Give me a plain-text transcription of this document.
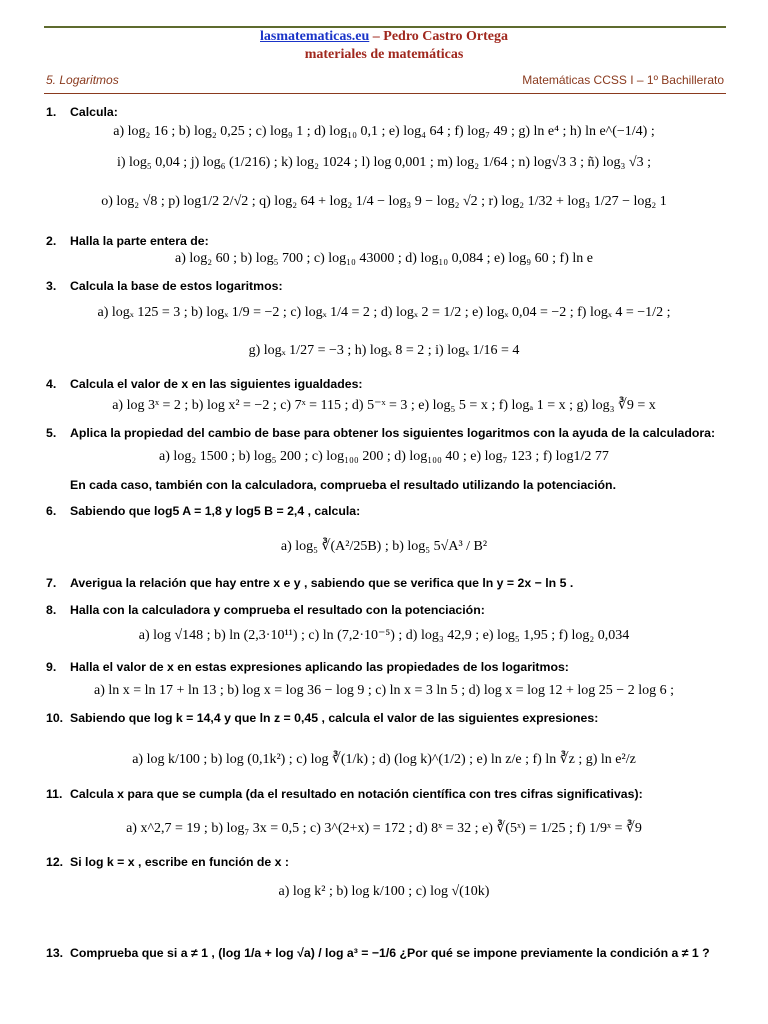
lasmatematicas.eu – Pedro Castro Ortega
materiales de matemáticas
5. Logaritmos	Matemáticas CCSS I – 1º Bachillerato
1. Calcula:
a) log₂ 16 ; b) log₂ 0,25 ; c) log₉ 1 ; d) log₁₀ 0,1 ; e) log₄ 64 ; f) log₇ 49 ; g) ln e⁴ ; h) ln e^(−1/4) ;
i) log₅ 0,04 ; j) log₆ (1/216) ; k) log₂ 1024 ; l) log 0,001 ; m) log₂ 1/64 ; n) log√3 3 ; ñ) log₃ √3 ;
o) log₂ √8 ; p) log1/2 2/√2 ; q) log₂ 64 + log₂ 1/4 − log₃ 9 − log₂ √2 ; r) log₂ 1/32 + log₃ 1/27 − log₂ 1
2. Halla la parte entera de:
a) log₂ 60 ; b) log₅ 700 ; c) log₁₀ 43000 ; d) log₁₀ 0,084 ; e) log₉ 60 ; f) ln e
3. Calcula la base de estos logaritmos:
a) logₓ 125 = 3 ; b) logₓ 1/9 = −2 ; c) logₓ 1/4 = 2 ; d) logₓ 2 = 1/2 ; e) logₓ 0,04 = −2 ; f) logₓ 4 = −1/2 ;
g) logₓ 1/27 = −3 ; h) logₓ 8 = 2 ; i) logₓ 1/16 = 4
4. Calcula el valor de x en las siguientes igualdades:
a) log 3ˣ = 2 ; b) log x² = −2 ; c) 7ˣ = 115 ; d) 5⁻ˣ = 3 ; e) log₅ 5 = x ; f) logₐ 1 = x ; g) log₃ ∛9 = x
5. Aplica la propiedad del cambio de base para obtener los siguientes logaritmos con la ayuda de la calculadora:
a) log₂ 1500 ; b) log₅ 200 ; c) log₁₀₀ 200 ; d) log₁₀₀ 40 ; e) log₇ 123 ; f) log1/2 77
En cada caso, también con la calculadora, comprueba el resultado utilizando la potenciación.
6. Sabiendo que log5 A = 1,8 y log5 B = 2,4 , calcula:
a) log₅ ∛(A²/25B) ; b) log₅ 5√A³ / B²
7. Averigua la relación que hay entre x e y , sabiendo que se verifica que ln y = 2x − ln 5 .
8. Halla con la calculadora y comprueba el resultado con la potenciación:
a) log √148 ; b) ln (2,3·10¹¹) ; c) ln (7,2·10⁻⁵) ; d) log₃ 42,9 ; e) log₅ 1,95 ; f) log₂ 0,034
9. Halla el valor de x en estas expresiones aplicando las propiedades de los logaritmos:
a) ln x = ln 17 + ln 13 ; b) log x = log 36 − log 9 ; c) ln x = 3 ln 5 ; d) log x = log 12 + log 25 − 2 log 6 ;
10. Sabiendo que log k = 14,4 y que ln z = 0,45 , calcula el valor de las siguientes expresiones:
a) log k/100 ; b) log (0,1k²) ; c) log ∛(1/k) ; d) (log k)^(1/2) ; e) ln z/e ; f) ln ∛z ; g) ln e²/z
11. Calcula x para que se cumpla (da el resultado en notación científica con tres cifras significativas):
a) x^2,7 = 19 ; b) log₇ 3x = 0,5 ; c) 3^(2+x) = 172 ; d) 8ˣ = 32 ; e) ∛(5ˣ) = 1/25 ; f) 1/9ˣ = ∛9
12. Si log k = x , escribe en función de x :
a) log k² ; b) log k/100 ; c) log √(10k)
13. Comprueba que si a ≠ 1 , (log 1/a + log √a) / log a³ = −1/6 ¿Por qué se impone previamente la condición a ≠ 1 ?
